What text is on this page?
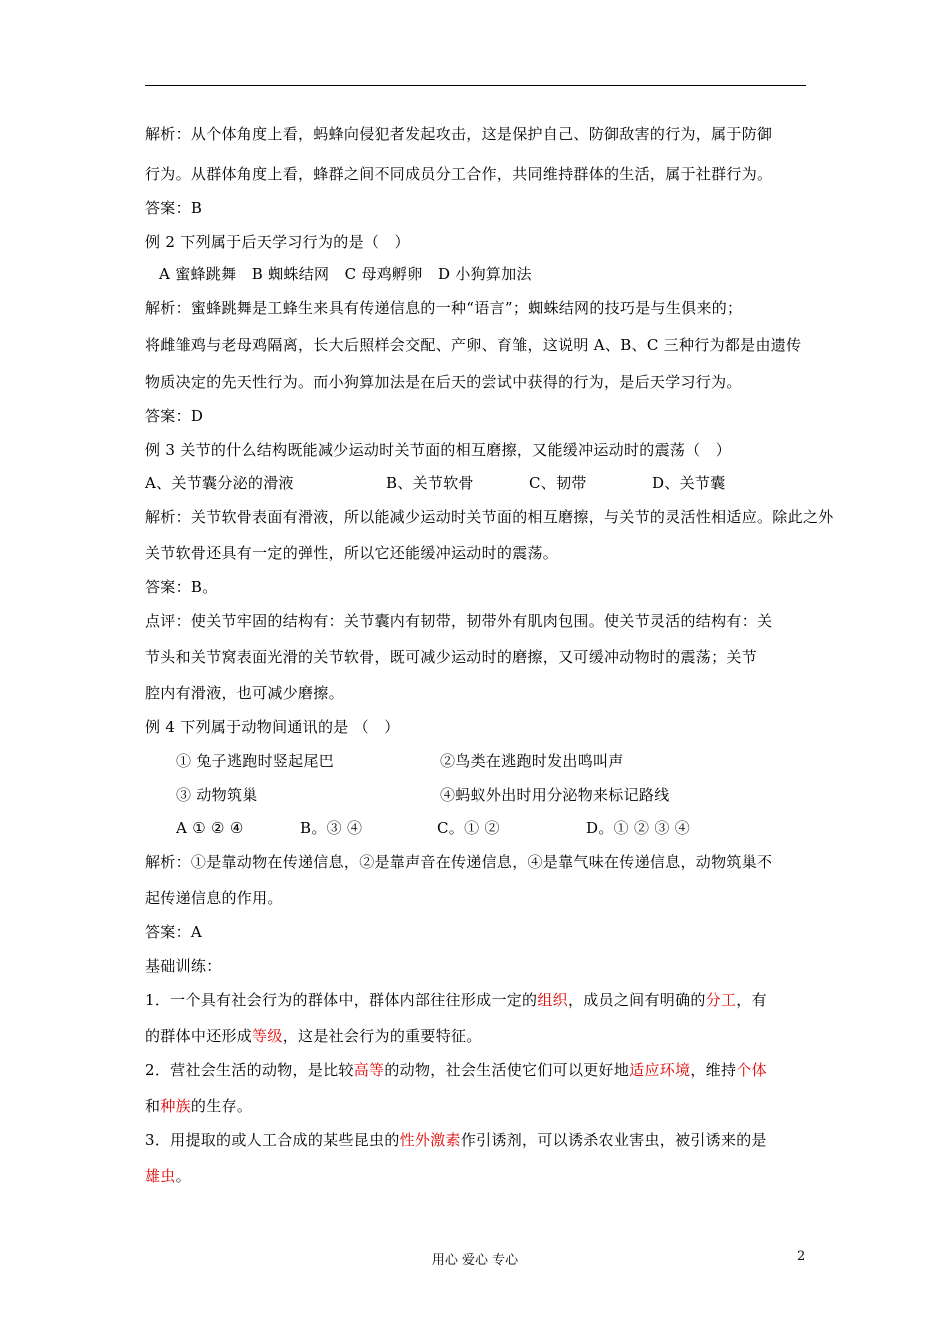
解析：从个体角度上看，蚂蜂向侵犯者发起攻击，这是保护自己、防御敌害的行为，属于防御
行为。从群体角度上看，蜂群之间不同成员分工合作，共同维持群体的生活，属于社群行为。
答案：B
例 2 下列属于后天学习行为的是（　）
A 蜜蜂跳舞　B 蜘蛛结网　C 母鸡孵卵　D 小狗算加法
解析：蜜蜂跳舞是工蜂生来具有传递信息的一种“语言”；蜘蛛结网的技巧是与生俱来的；
将雌雏鸡与老母鸡隔离，长大后照样会交配、产卵、育雏，这说明 A、B、C 三种行为都是由遗传
物质决定的先天性行为。而小狗算加法是在后天的尝试中获得的行为，是后天学习行为。
答案：D
例 3 关节的什么结构既能减少运动时关节面的相互磨擦，又能缓冲运动时的震荡（　）
A、关节囊分泌的滑液	B、关节软骨	C、韧带	D、关节囊
解析：关节软骨表面有滑液，所以能减少运动时关节面的相互磨擦，与关节的灵活性相适应。除此之外
关节软骨还具有一定的弹性，所以它还能缓冲运动时的震荡。
答案：B。
点评：使关节牢固的结构有：关节囊内有韧带，韧带外有肌肉包围。使关节灵活的结构有：关
节头和关节窝表面光滑的关节软骨，既可减少运动时的磨擦，又可缓冲动物时的震荡；关节
腔内有滑液，也可减少磨擦。
例 4 下列属于动物间通讯的是 （　）
① 兔子逃跑时竖起尾巴	②鸟类在逃跑时发出鸣叫声
③ 动物筑巢	④蚂蚁外出时用分泌物来标记路线
A ① ② ④	B。③ ④	C。① ②	D。① ② ③ ④
解析：①是靠动物在传递信息，②是靠声音在传递信息，④是靠气味在传递信息，动物筑巢不
起传递信息的作用。
答案：A
基础训练：
1．一个具有社会行为的群体中，群体内部往往形成一定的组织，成员之间有明确的分工，有
的群体中还形成等级，这是社会行为的重要特征。
2．营社会生活的动物，是比较高等的动物，社会生活使它们可以更好地适应环境，维持个体
和种族的生存。
3．用提取的或人工合成的某些昆虫的性外激素作引诱剂，可以诱杀农业害虫，被引诱来的是
雄虫。
用心 爱心 专心	2
